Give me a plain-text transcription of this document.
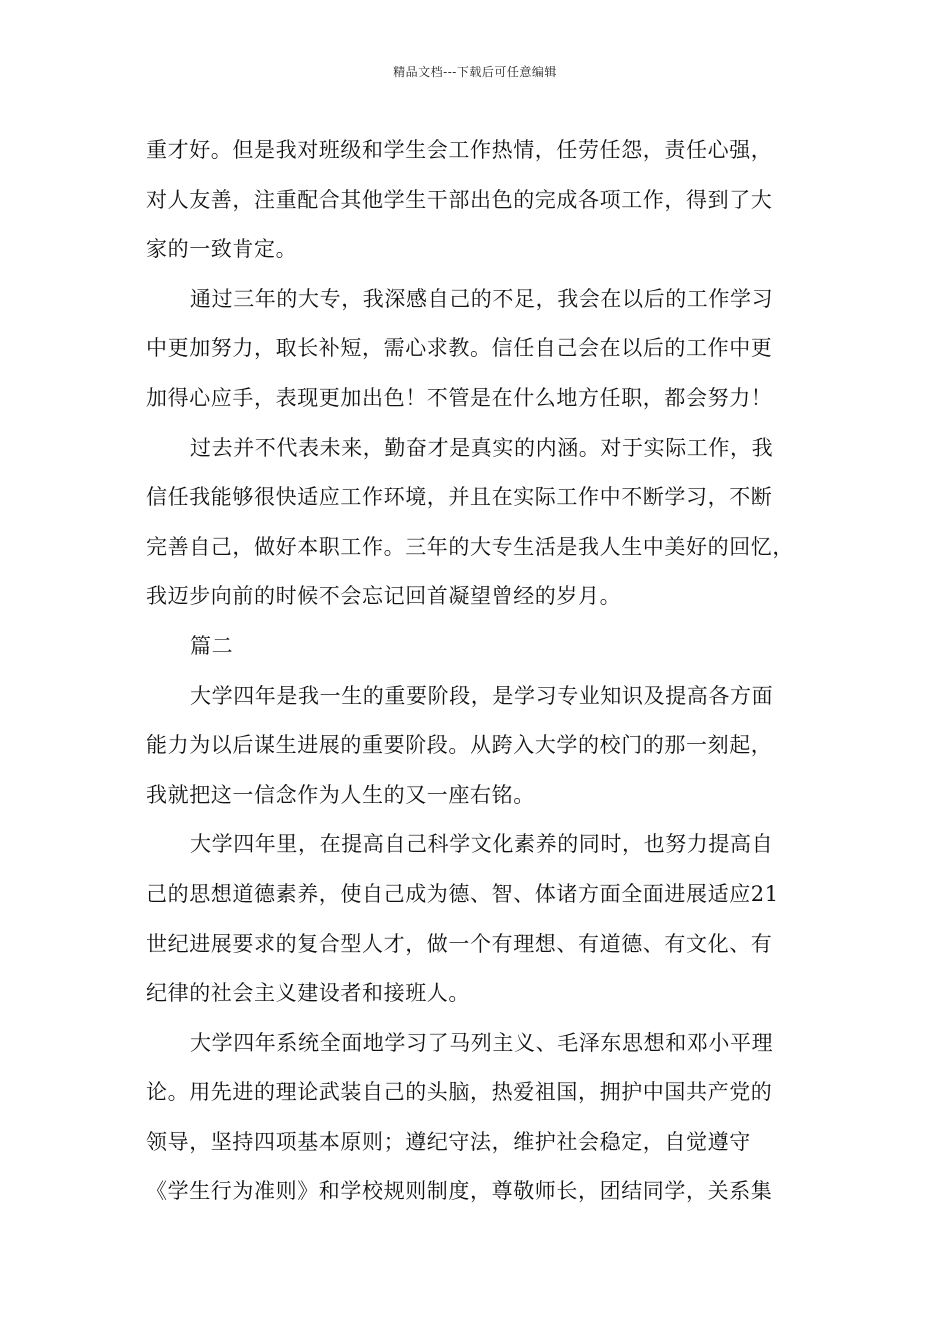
精品文档---下载后可任意编辑
重才好。但是我对班级和学生会工作热情，任劳任怨，责任心强，
对人友善，注重配合其他学生干部出色的完成各项工作，得到了大
家的一致肯定。
通过三年的大专，我深感自己的不足，我会在以后的工作学习
中更加努力，取长补短，需心求教。信任自己会在以后的工作中更
加得心应手，表现更加出色！不管是在什么地方任职，都会努力！
过去并不代表未来，勤奋才是真实的内涵。对于实际工作，我
信任我能够很快适应工作环境，并且在实际工作中不断学习，不断
完善自己，做好本职工作。三年的大专生活是我人生中美好的回忆，
我迈步向前的时候不会忘记回首凝望曾经的岁月。
篇二
大学四年是我一生的重要阶段，是学习专业知识及提高各方面
能力为以后谋生进展的重要阶段。从跨入大学的校门的那一刻起，
我就把这一信念作为人生的又一座右铭。
大学四年里，在提高自己科学文化素养的同时，也努力提高自
己的思想道德素养，使自己成为德、智、体诸方面全面进展适应21
世纪进展要求的复合型人才，做一个有理想、有道德、有文化、有
纪律的社会主义建设者和接班人。
大学四年系统全面地学习了马列主义、毛泽东思想和邓小平理
论。用先进的理论武装自己的头脑，热爱祖国，拥护中国共产党的
领导，坚持四项基本原则；遵纪守法，维护社会稳定，自觉遵守
《学生行为准则》和学校规则制度，尊敬师长，团结同学，关系集
